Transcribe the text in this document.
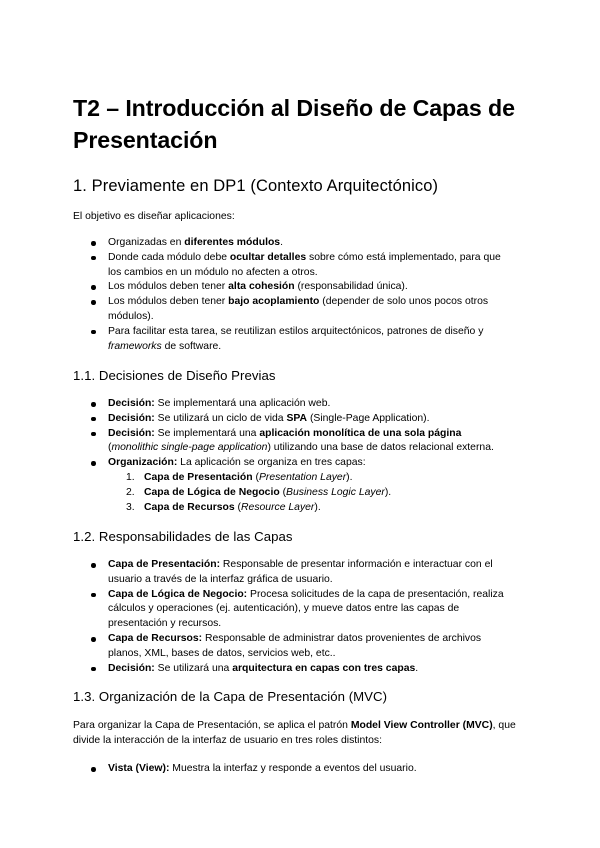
T2 – Introducción al Diseño de Capas de Presentación
1. Previamente en DP1 (Contexto Arquitectónico)

El objetivo es diseñar aplicaciones:

Organizadas en diferentes módulos.
Donde cada módulo debe ocultar detalles sobre cómo está implementado, para que los cambios en un módulo no afecten a otros.
Los módulos deben tener alta cohesión (responsabilidad única).
Los módulos deben tener bajo acoplamiento (depender de solo unos pocos otros módulos).
Para facilitar esta tarea, se reutilizan estilos arquitectónicos, patrones de diseño y frameworks de software.
1.1. Decisiones de Diseño Previas
Decisión: Se implementará una aplicación web.
Decisión: Se utilizará un ciclo de vida SPA (Single-Page Application).
Decisión: Se implementará una aplicación monolítica de una sola página (monolithic single-page application) utilizando una base de datos relacional externa.
Organización: La aplicación se organiza en tres capas:
1. Capa de Presentación (Presentation Layer).
2. Capa de Lógica de Negocio (Business Logic Layer).
3. Capa de Recursos (Resource Layer).
1.2. Responsabilidades de las Capas
Capa de Presentación: Responsable de presentar información e interactuar con el usuario a través de la interfaz gráfica de usuario.
Capa de Lógica de Negocio: Procesa solicitudes de la capa de presentación, realiza cálculos y operaciones (ej. autenticación), y mueve datos entre las capas de presentación y recursos.
Capa de Recursos: Responsable de administrar datos provenientes de archivos planos, XML, bases de datos, servicios web, etc..
Decisión: Se utilizará una arquitectura en capas con tres capas.
1.3. Organización de la Capa de Presentación (MVC)

Para organizar la Capa de Presentación, se aplica el patrón Model View Controller (MVC), que divide la interacción de la interfaz de usuario en tres roles distintos:

Vista (View): Muestra la interfaz y responde a eventos del usuario.
